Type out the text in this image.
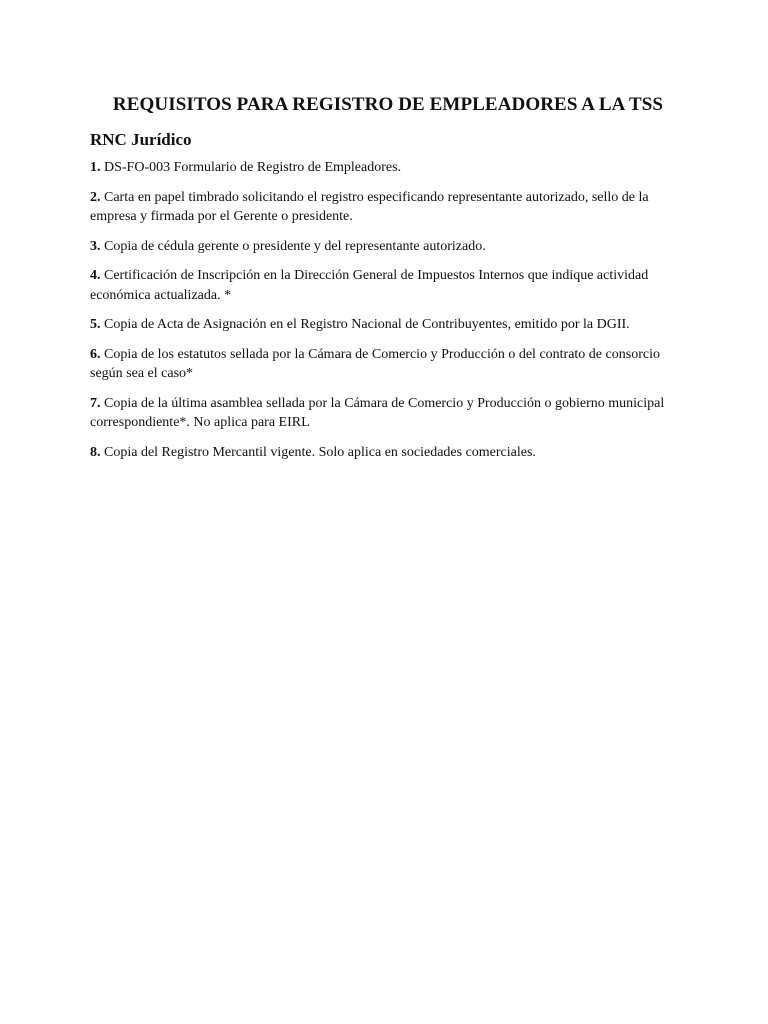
REQUISITOS PARA REGISTRO DE EMPLEADORES A LA TSS
RNC Jurídico
1. DS-FO-003 Formulario de Registro de Empleadores.
2. Carta en papel timbrado solicitando el registro especificando representante autorizado, sello de la empresa y firmada por el Gerente o presidente.
3. Copia de cédula gerente o presidente y del representante autorizado.
4. Certificación de Inscripción en la Dirección General de Impuestos Internos que indique actividad económica actualizada. *
5. Copia de Acta de Asignación en el Registro Nacional de Contribuyentes, emitido por la DGII.
6. Copia de los estatutos sellada por la Cámara de Comercio y Producción o del contrato de consorcio según sea el caso*
7. Copia de la última asamblea sellada por la Cámara de Comercio y Producción o gobierno municipal correspondiente*. No aplica para EIRL
8. Copia del Registro Mercantil vigente. Solo aplica en sociedades comerciales.
